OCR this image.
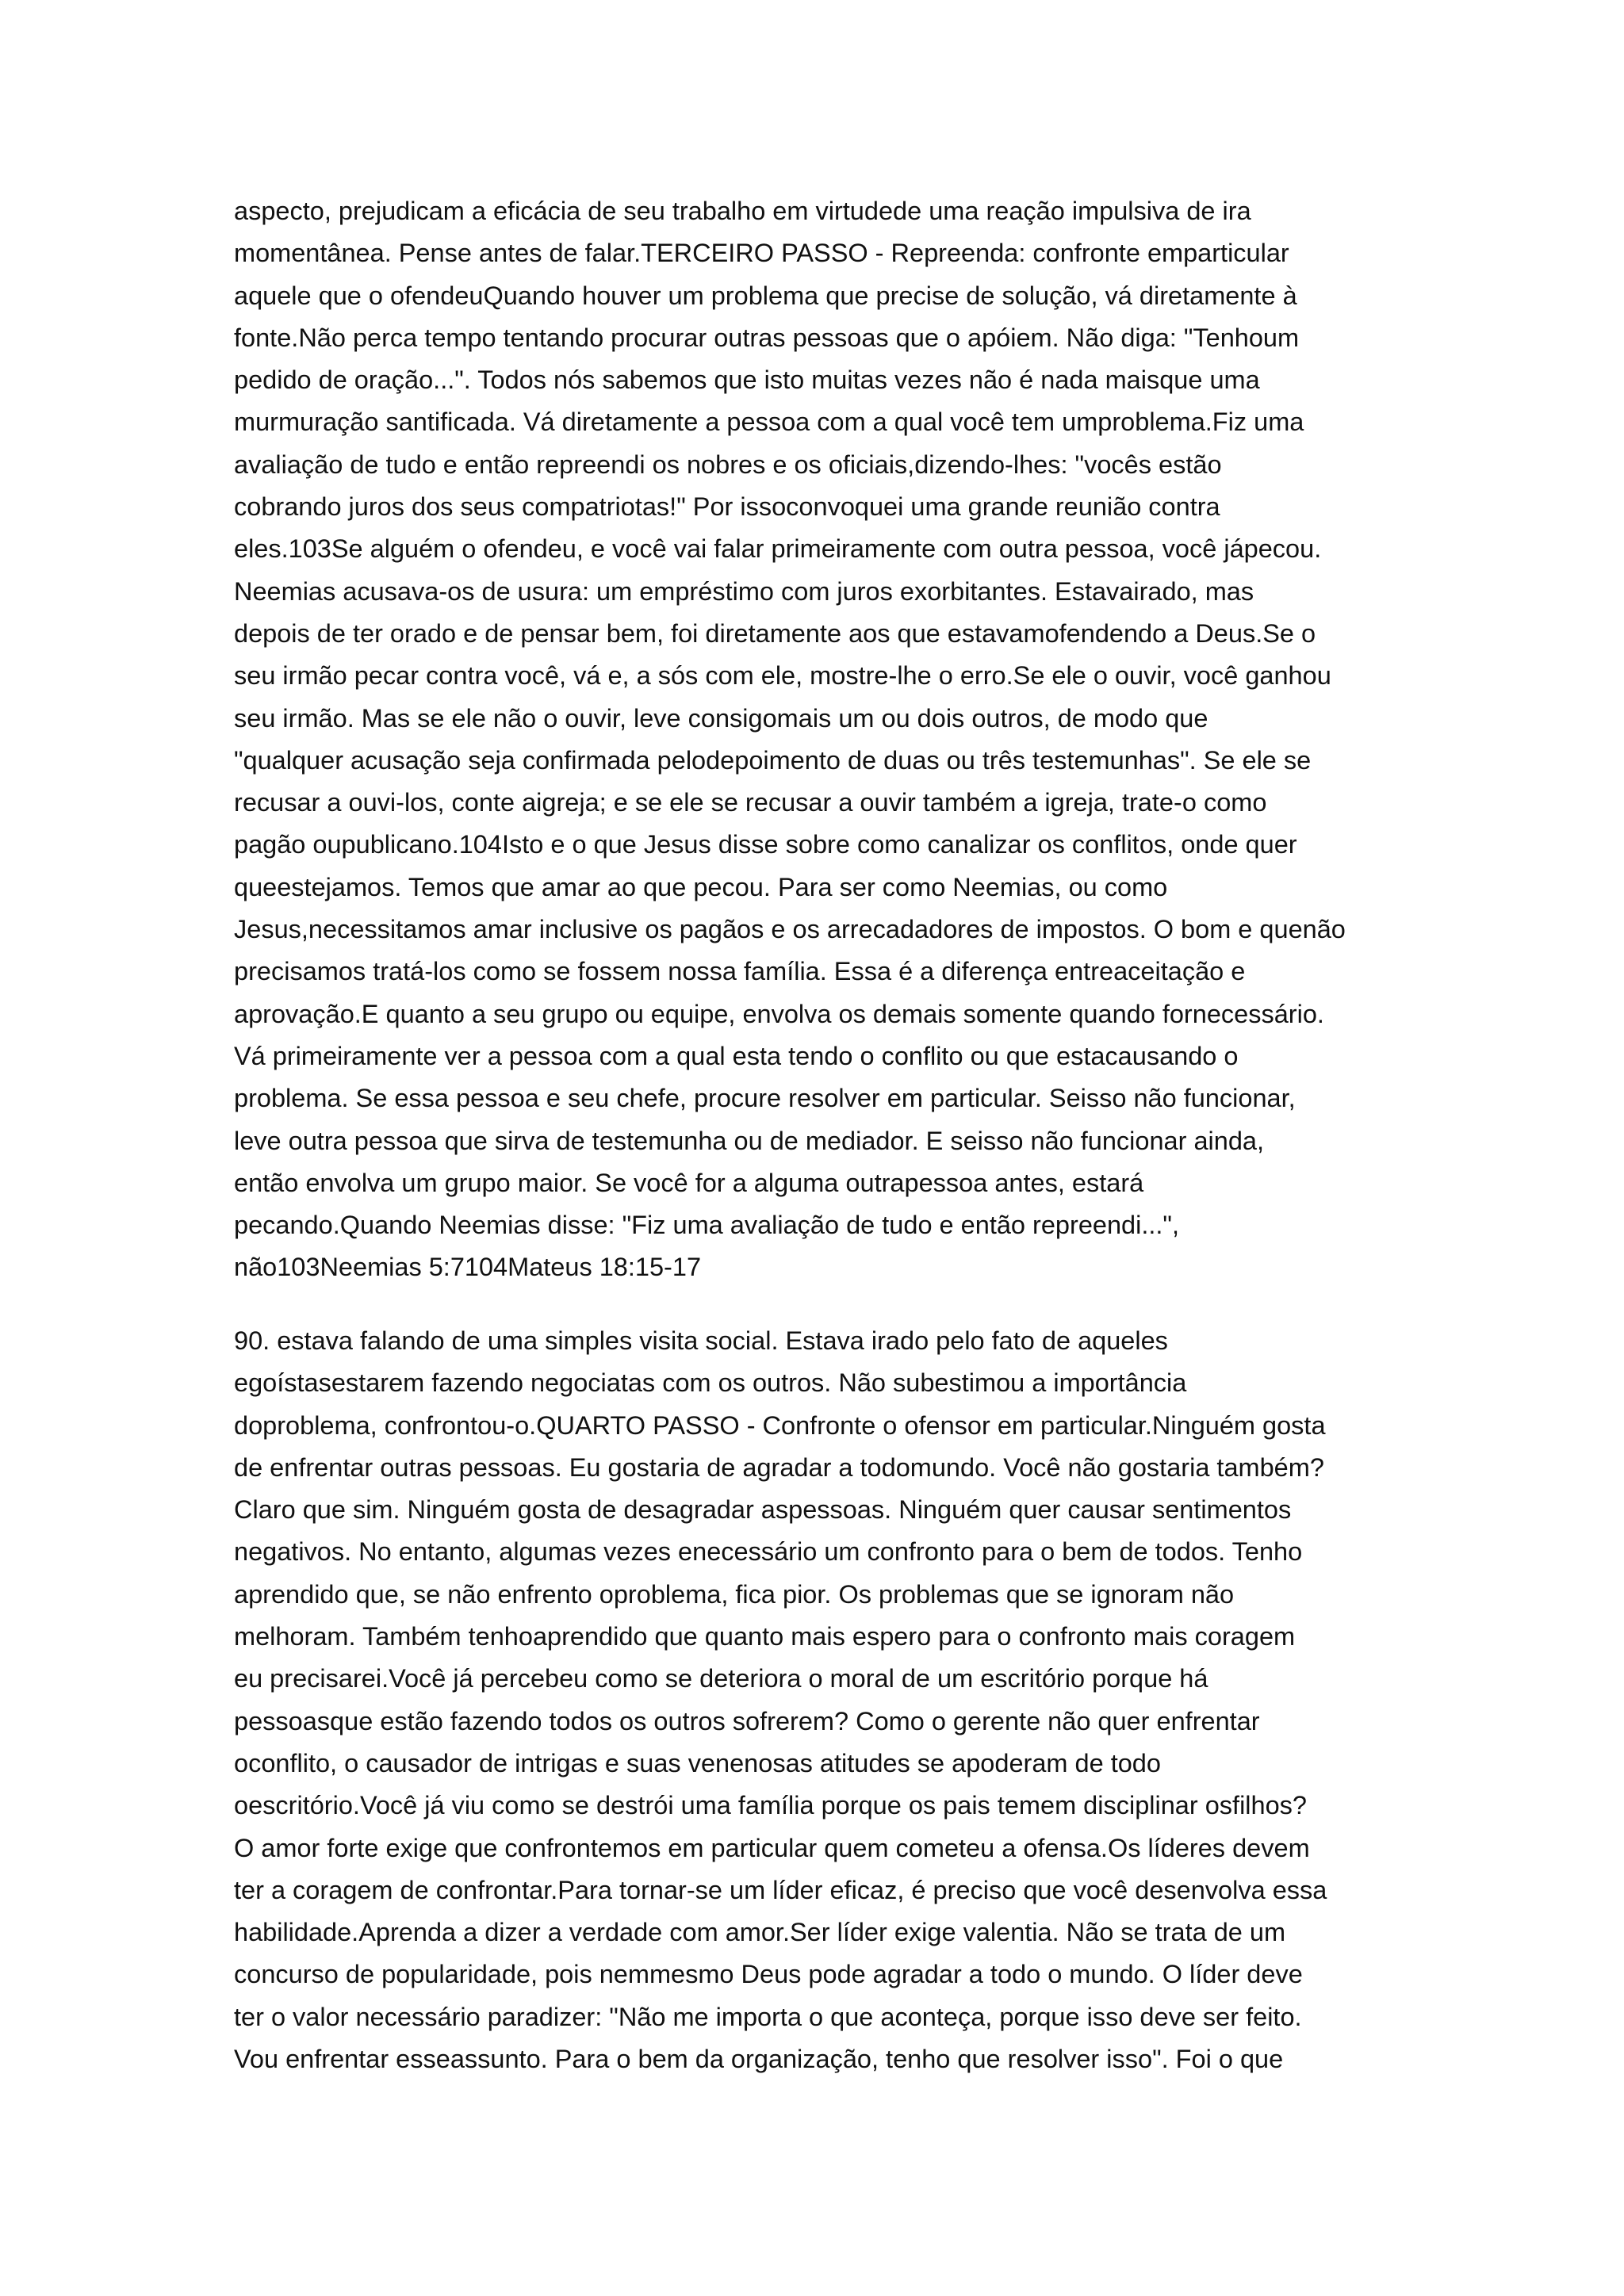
aspecto, prejudicam a eficácia de seu trabalho em virtudede uma reação impulsiva de ira
momentânea. Pense antes de falar.TERCEIRO PASSO - Repreenda: confronte emparticular
aquele que o ofendeuQuando houver um problema que precise de solução, vá diretamente à
fonte.Não perca tempo tentando procurar outras pessoas que o apóiem. Não diga: "Tenhoum
pedido de oração...". Todos nós sabemos que isto muitas vezes não é nada maisque uma
murmuração santificada. Vá diretamente a pessoa com a qual você tem umproblema.Fiz uma
avaliação de tudo e então repreendi os nobres e os oficiais,dizendo-lhes: "vocês estão
cobrando juros dos seus compatriotas!" Por issoconvoquei uma grande reunião contra
eles.103Se alguém o ofendeu, e você vai falar primeiramente com outra pessoa, você jápecou.
Neemias acusava-os de usura: um empréstimo com juros exorbitantes. Estavairado, mas
depois de ter orado e de pensar bem, foi diretamente aos que estavamofendendo a Deus.Se o
seu irmão pecar contra você, vá e, a sós com ele, mostre-lhe o erro.Se ele o ouvir, você ganhou
seu irmão. Mas se ele não o ouvir, leve consigomais um ou dois outros, de modo que
"qualquer acusação seja confirmada pelodepoimento de duas ou três testemunhas". Se ele se
recusar a ouvi-los, conte aigreja; e se ele se recusar a ouvir também a igreja, trate-o como
pagão oupublicano.104Isto e o que Jesus disse sobre como canalizar os conflitos, onde quer
queestejamos. Temos que amar ao que pecou. Para ser como Neemias, ou como
Jesus,necessitamos amar inclusive os pagãos e os arrecadadores de impostos. O bom e quenão
precisamos tratá-los como se fossem nossa família. Essa é a diferença entreaceitação e
aprovação.E quanto a seu grupo ou equipe, envolva os demais somente quando fornecessário.
Vá primeiramente ver a pessoa com a qual esta tendo o conflito ou que estacausando o
problema. Se essa pessoa e seu chefe, procure resolver em particular. Seisso não funcionar,
leve outra pessoa que sirva de testemunha ou de mediador. E seisso não funcionar ainda,
então envolva um grupo maior. Se você for a alguma outrapessoa antes, estará
pecando.Quando Neemias disse: "Fiz uma avaliação de tudo e então repreendi...",
não103Neemias 5:7104Mateus 18:15-17
90. estava falando de uma simples visita social. Estava irado pelo fato de aqueles
egoístasestarem fazendo negociatas com os outros. Não subestimou a importância
doproblema, confrontou-o.QUARTO PASSO - Confronte o ofensor em particular.Ninguém gosta
de enfrentar outras pessoas. Eu gostaria de agradar a todomundo. Você não gostaria também?
Claro que sim. Ninguém gosta de desagradar aspessoas. Ninguém quer causar sentimentos
negativos. No entanto, algumas vezes enecessário um confronto para o bem de todos. Tenho
aprendido que, se não enfrento oproblema, fica pior. Os problemas que se ignoram não
melhoram. Também tenhoaprendido que quanto mais espero para o confronto mais coragem
eu precisarei.Você já percebeu como se deteriora o moral de um escritório porque há
pessoasque estão fazendo todos os outros sofrerem? Como o gerente não quer enfrentar
oconflito, o causador de intrigas e suas venenosas atitudes se apoderam de todo
oescritório.Você já viu como se destrói uma família porque os pais temem disciplinar osfilhos?
O amor forte exige que confrontemos em particular quem cometeu a ofensa.Os líderes devem
ter a coragem de confrontar.Para tornar-se um líder eficaz, é preciso que você desenvolva essa
habilidade.Aprenda a dizer a verdade com amor.Ser líder exige valentia. Não se trata de um
concurso de popularidade, pois nemmesmo Deus pode agradar a todo o mundo. O líder deve
ter o valor necessário paradizer: "Não me importa o que aconteça, porque isso deve ser feito.
Vou enfrentar esseassunto. Para o bem da organização, tenho que resolver isso". Foi o que
